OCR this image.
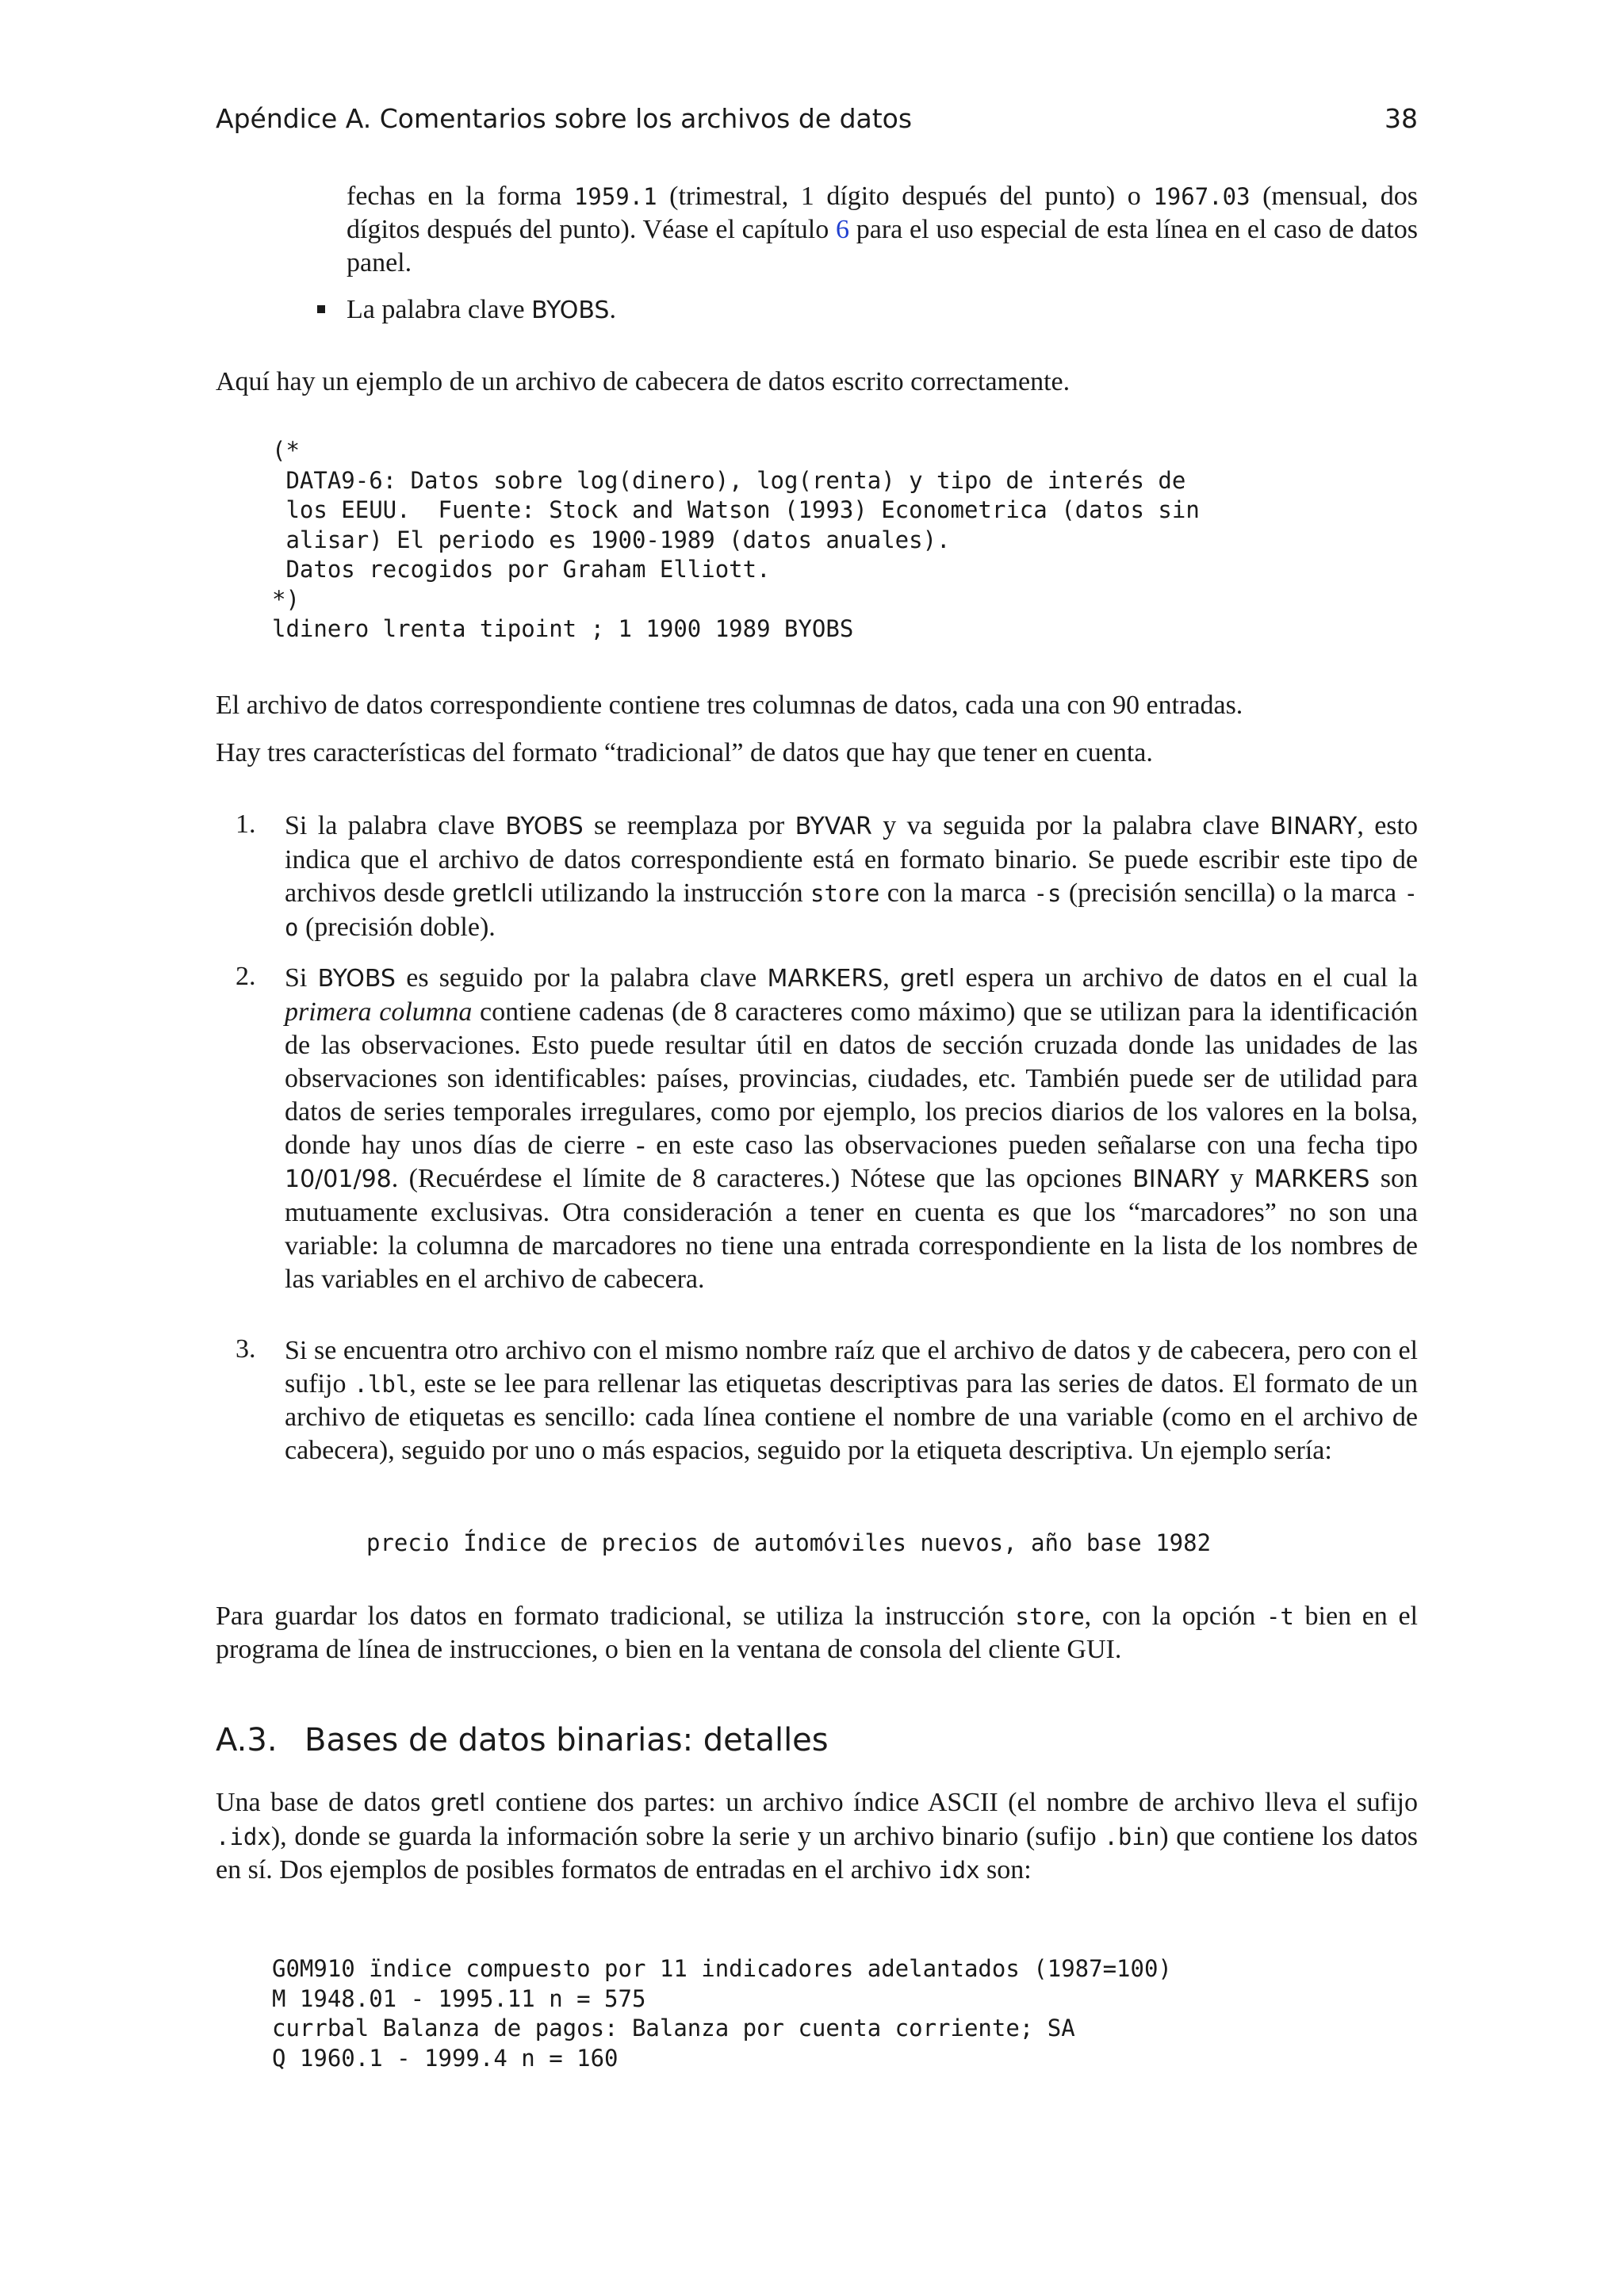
Apéndice A. Comentarios sobre los archivos de datos	38
fechas en la forma 1959.1 (trimestral, 1 dígito después del punto) o 1967.03 (mensual, dos dígitos después del punto). Véase el capítulo 6 para el uso especial de esta línea en el caso de datos panel.
La palabra clave BYOBS.
Aquí hay un ejemplo de un archivo de cabecera de datos escrito correctamente.
(*
DATA9-6: Datos sobre log(dinero), log(renta) y tipo de interés de
los EEUU.  Fuente: Stock and Watson (1993) Econometrica (datos sin
alisar) El periodo es 1900-1989 (datos anuales).
Datos recogidos por Graham Elliott.
*)
ldinero lrenta tipoint ; 1 1900 1989 BYOBS
El archivo de datos correspondiente contiene tres columnas de datos, cada una con 90 entradas.
Hay tres características del formato “tradicional” de datos que hay que tener en cuenta.
1. Si la palabra clave BYOBS se reemplaza por BYVAR y va seguida por la palabra clave BINARY, esto indica que el archivo de datos correspondiente está en formato binario. Se puede escribir este tipo de archivos desde gretlcli utilizando la instrucción store con la marca -s (precisión sencilla) o la marca -o (precisión doble).
2. Si BYOBS es seguido por la palabra clave MARKERS, gretl espera un archivo de datos en el cual la primera columna contiene cadenas (de 8 caracteres como máximo) que se utilizan para la identificación de las observaciones. Esto puede resultar útil en datos de sección cruzada donde las unidades de las observaciones son identificables: países, provincias, ciudades, etc. También puede ser de utilidad para datos de series temporales irregulares, como por ejemplo, los precios diarios de los valores en la bolsa, donde hay unos días de cierre - en este caso las observaciones pueden señalarse con una fecha tipo 10/01/98. (Recuérdese el límite de 8 caracteres.) Nótese que las opciones BINARY y MARKERS son mutuamente exclusivas. Otra consideración a tener en cuenta es que los “marcadores” no son una variable: la columna de marcadores no tiene una entrada correspondiente en la lista de los nombres de las variables en el archivo de cabecera.
3. Si se encuentra otro archivo con el mismo nombre raíz que el archivo de datos y de cabecera, pero con el sufijo .lbl, este se lee para rellenar las etiquetas descriptivas para las series de datos. El formato de un archivo de etiquetas es sencillo: cada línea contiene el nombre de una variable (como en el archivo de cabecera), seguido por uno o más espacios, seguido por la etiqueta descriptiva. Un ejemplo sería:
precio Índice de precios de automóviles nuevos, año base 1982
Para guardar los datos en formato tradicional, se utiliza la instrucción store, con la opción -t bien en el programa de línea de instrucciones, o bien en la ventana de consola del cliente GUI.
A.3. Bases de datos binarias: detalles
Una base de datos gretl contiene dos partes: un archivo índice ASCII (el nombre de archivo lleva el sufijo .idx), donde se guarda la información sobre la serie y un archivo binario (sufijo .bin) que contiene los datos en sí. Dos ejemplos de posibles formatos de entradas en el archivo idx son:
G0M910 ïndice compuesto por 11 indicadores adelantados (1987=100)
M 1948.01 - 1995.11 n = 575
currbal Balanza de pagos: Balanza por cuenta corriente; SA
Q 1960.1 - 1999.4 n = 160
